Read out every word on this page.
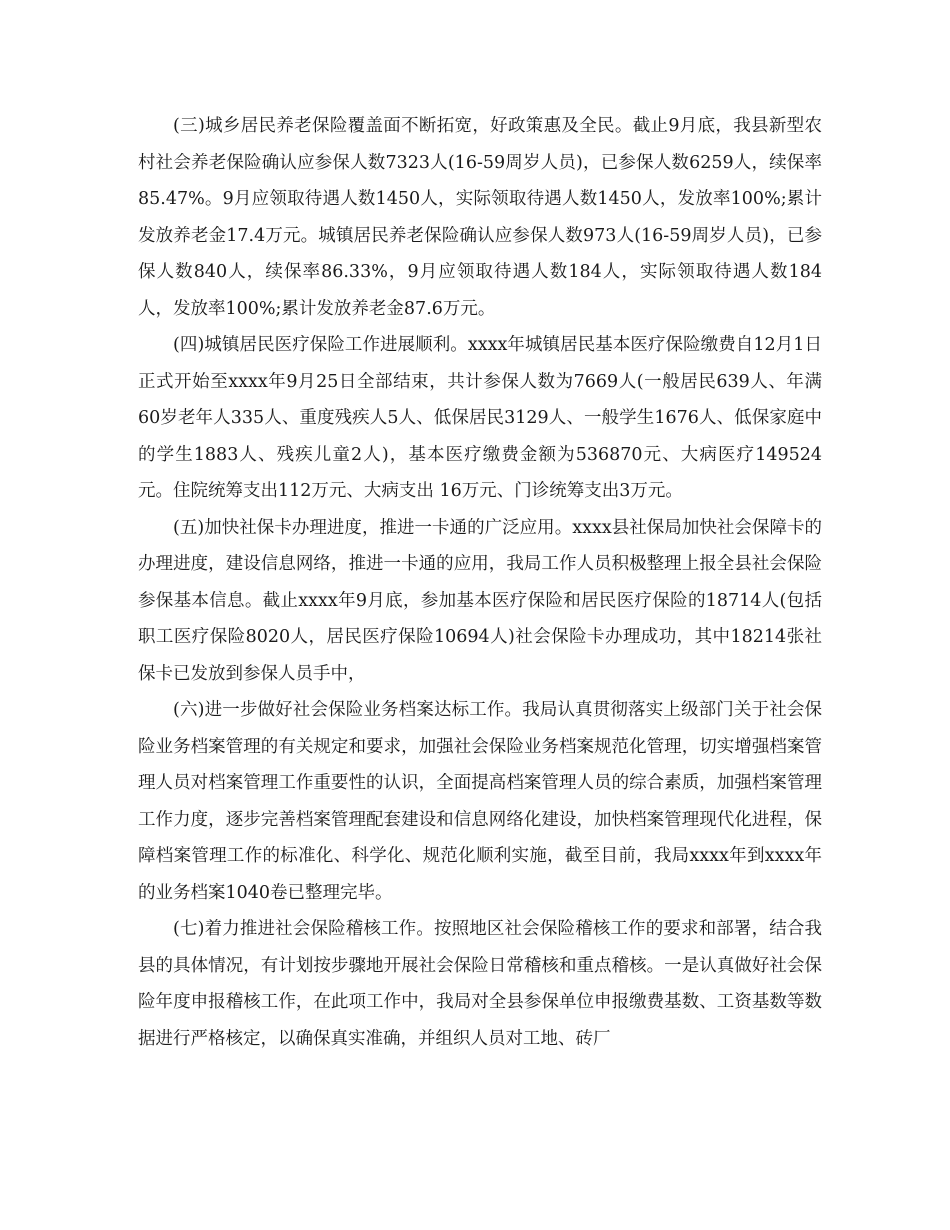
(三)城乡居民养老保险覆盖面不断拓宽，好政策惠及全民。截止9月底，我县新型农村社会养老保险确认应参保人数7323人(16-59周岁人员)，已参保人数6259人，续保率85.47%。9月应领取待遇人数1450人，实际领取待遇人数1450人，发放率100%;累计发放养老金17.4万元。城镇居民养老保险确认应参保人数973人(16-59周岁人员)，已参保人数840人，续保率86.33%，9月应领取待遇人数184人，实际领取待遇人数184人，发放率100%;累计发放养老金87.6万元。

(四)城镇居民医疗保险工作进展顺利。xxxx年城镇居民基本医疗保险缴费自12月1日　正式开始至xxxx年9月25日全部结束，共计参保人数为7669人(一般居民639人、年满60岁老年人335人、重度残疾人5人、低保居民3129人、一般学生1676人、低保家庭中的学生1883人、残疾儿童2人)，基本医疗缴费金额为536870元、大病医疗149524元。住院统筹支出112万元、大病支出 16万元、门诊统筹支出3万元。

(五)加快社保卡办理进度，推进一卡通的广泛应用。xxxx县社保局加快社会保障卡的办理进度，建设信息网络，推进一卡通的应用，我局工作人员积极整理上报全县社会保险参保基本信息。截止xxxx年9月底，参加基本医疗保险和居民医疗保险的18714人(包括职工医疗保险8020人，居民医疗保险10694人)社会保险卡办理成功，其中18214张社保卡已发放到参保人员手中，

(六)进一步做好社会保险业务档案达标工作。我局认真贯彻落实上级部门关于社会保险业务档案管理的有关规定和要求，加强社会保险业务档案规范化管理，切实增强档案管理人员对档案管理工作重要性的认识，全面提高档案管理人员的综合素质，加强档案管理工作力度，逐步完善档案管理配套建设和信息网络化建设，加快档案管理现代化进程，保障档案管理工作的标准化、科学化、规范化顺利实施，截至目前，我局xxxx年到xxxx年的业务档案1040卷已整理完毕。

(七)着力推进社会保险稽核工作。按照地区社会保险稽核工作的要求和部署，结合我县的具体情况，有计划按步骤地开展社会保险日常稽核和重点稽核。一是认真做好社会保险年度申报稽核工作，在此项工作中，我局对全县参保单位申报缴费基数、工资基数等数据进行严格核定，以确保真实准确，并组织人员对工地、砖厂
